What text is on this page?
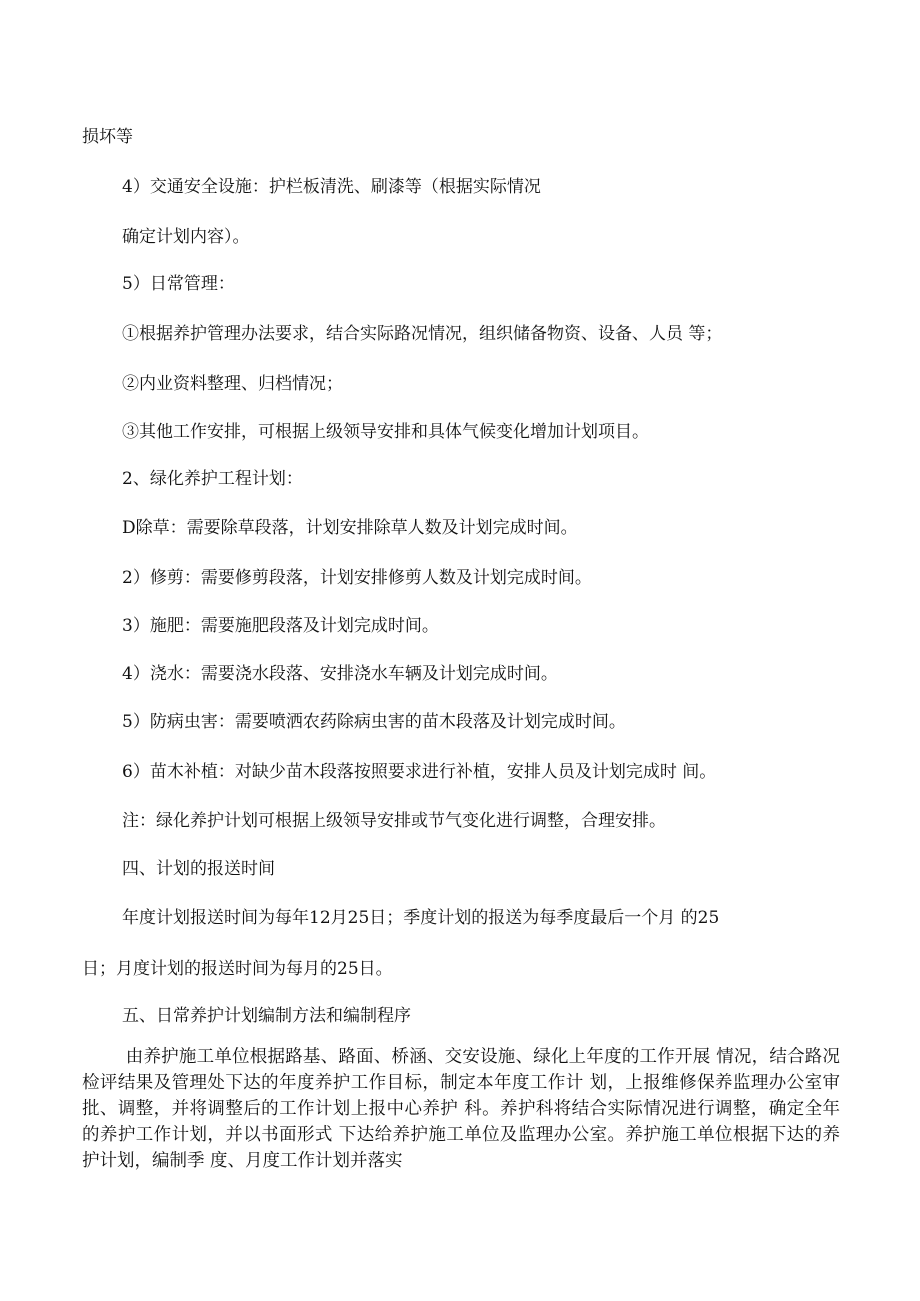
损坏等
4）交通安全设施：护栏板清洗、刷漆等（根据实际情况
确定计划内容）。
5）日常管理：
①根据养护管理办法要求，结合实际路况情况，组织储备物资、设备、人员 等；
②内业资料整理、归档情况；
③其他工作安排，可根据上级领导安排和具体气候变化增加计划项目。
2、绿化养护工程计划：
D除草：需要除草段落，计划安排除草人数及计划完成时间。
2）修剪：需要修剪段落，计划安排修剪人数及计划完成时间。
3）施肥：需要施肥段落及计划完成时间。
4）浇水：需要浇水段落、安排浇水车辆及计划完成时间。
5）防病虫害：需要喷洒农药除病虫害的苗木段落及计划完成时间。
6）苗木补植：对缺少苗木段落按照要求进行补植，安排人员及计划完成时 间。
注：绿化养护计划可根据上级领导安排或节气变化进行调整，合理安排。
四、计划的报送时间
年度计划报送时间为每年12月25日；季度计划的报送为每季度最后一个月 的25
日；月度计划的报送时间为每月的25日。
五、日常养护计划编制方法和编制程序
由养护施工单位根据路基、路面、桥涵、交安设施、绿化上年度的工作开展 情况，结合路况检评结果及管理处下达的年度养护工作目标，制定本年度工作计 划，上报维修保养监理办公室审批、调整，并将调整后的工作计划上报中心养护 科。养护科将结合实际情况进行调整，确定全年的养护工作计划，并以书面形式 下达给养护施工单位及监理办公室。养护施工单位根据下达的养护计划，编制季 度、月度工作计划并落实
